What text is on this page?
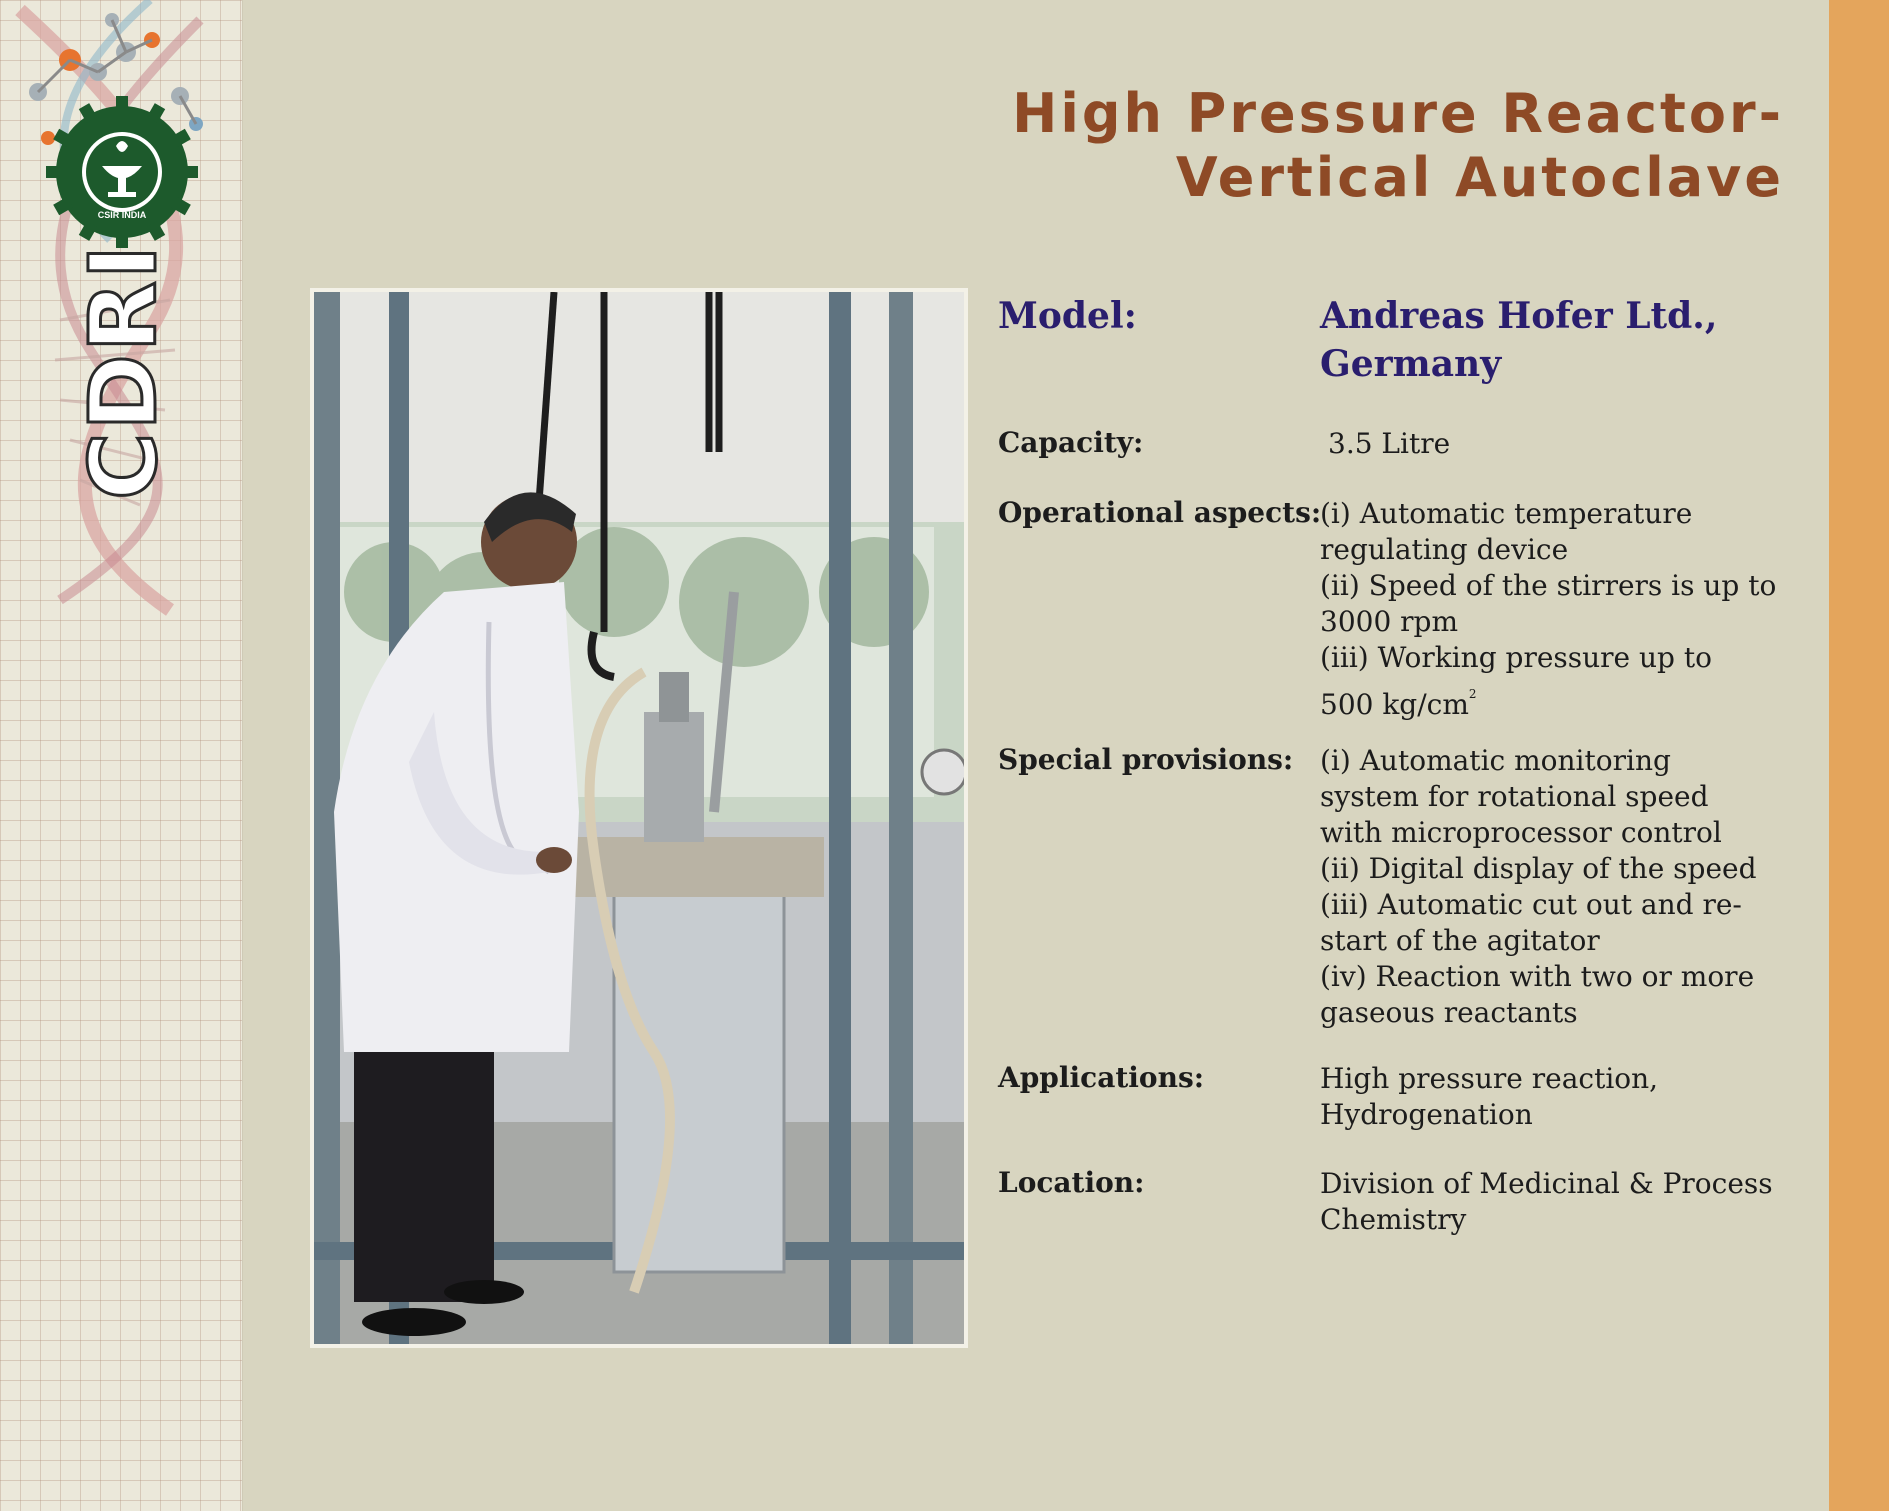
CSIR INDIA
CDRI
High Pressure Reactor-
Vertical Autoclave
Model:	Andreas Hofer Ltd.,
Germany
Capacity:	3.5 Litre
Operational aspects:
(i) Automatic temperature
regulating device
(ii) Speed of the stirrers is up to
3000 rpm
(iii) Working pressure up to
500 $kg/cm^2$
Special provisions: (i) Automatic monitoring
system for rotational speed
with microprocessor control
(ii) Digital display of the speed
(iii) Automatic cut out and re-
start of the agitator
(iv) Reaction with two or more
gaseous reactants
Applications:	High pressure reaction,
Hydrogenation
Location:	Division of Medicinal & Process
Chemistry
